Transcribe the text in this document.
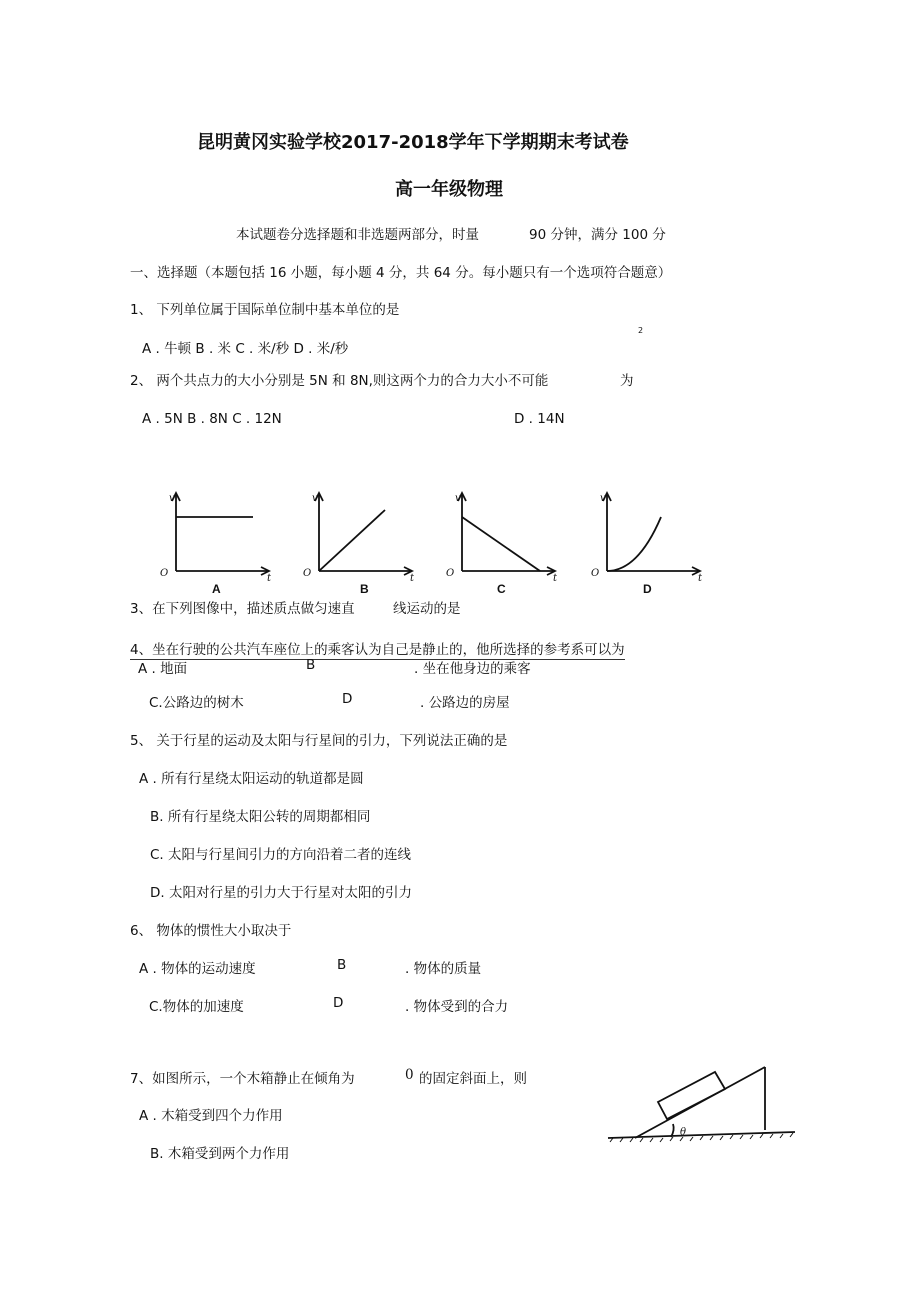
昆明黄冈实验学校2017-2018学年下学期期末考试卷
高一年级物理
本试题卷分选择题和非选题两部分，时量	90 分钟，满分 100 分
一、选择题（本题包括 16 小题，每小题 4 分，共 64 分。每小题只有一个选项符合题意）
1、 下列单位属于国际单位制中基本单位的是
2
A . 牛顿 B . 米 C . 米/秒 D . 米/秒
2、 两个共点力的大小分别是 5N 和 8N,则这两个力的合力大小不可能	为
A . 5N B . 8N C . 12N	D . 14N
v
t
O
A
v
t
O
B
v
t
O
C
v
t
O
D
3、在下列图像中，描述质点做匀速直	线运动的是
4、坐在行驶的公共汽车座位上的乘客认为自己是静止的，他所选择的参考系可以为
A . 地面	B	. 坐在他身边的乘客
C.公路边的树木	D	. 公路边的房屋
5、 关于行星的运动及太阳与行星间的引力，下列说法正确的是
A . 所有行星绕太阳运动的轨道都是圆
B. 所有行星绕太阳公转的周期都相同
C. 太阳与行星间引力的方向沿着二者的连线
D. 太阳对行星的引力大于行星对太阳的引力
6、 物体的惯性大小取决于
A . 物体的运动速度	B	. 物体的质量
C.物体的加速度	D	. 物体受到的合力
7、如图所示，一个木箱静止在倾角为	0 的固定斜面上，则
A . 木箱受到四个力作用
B. 木箱受到两个力作用
θ
